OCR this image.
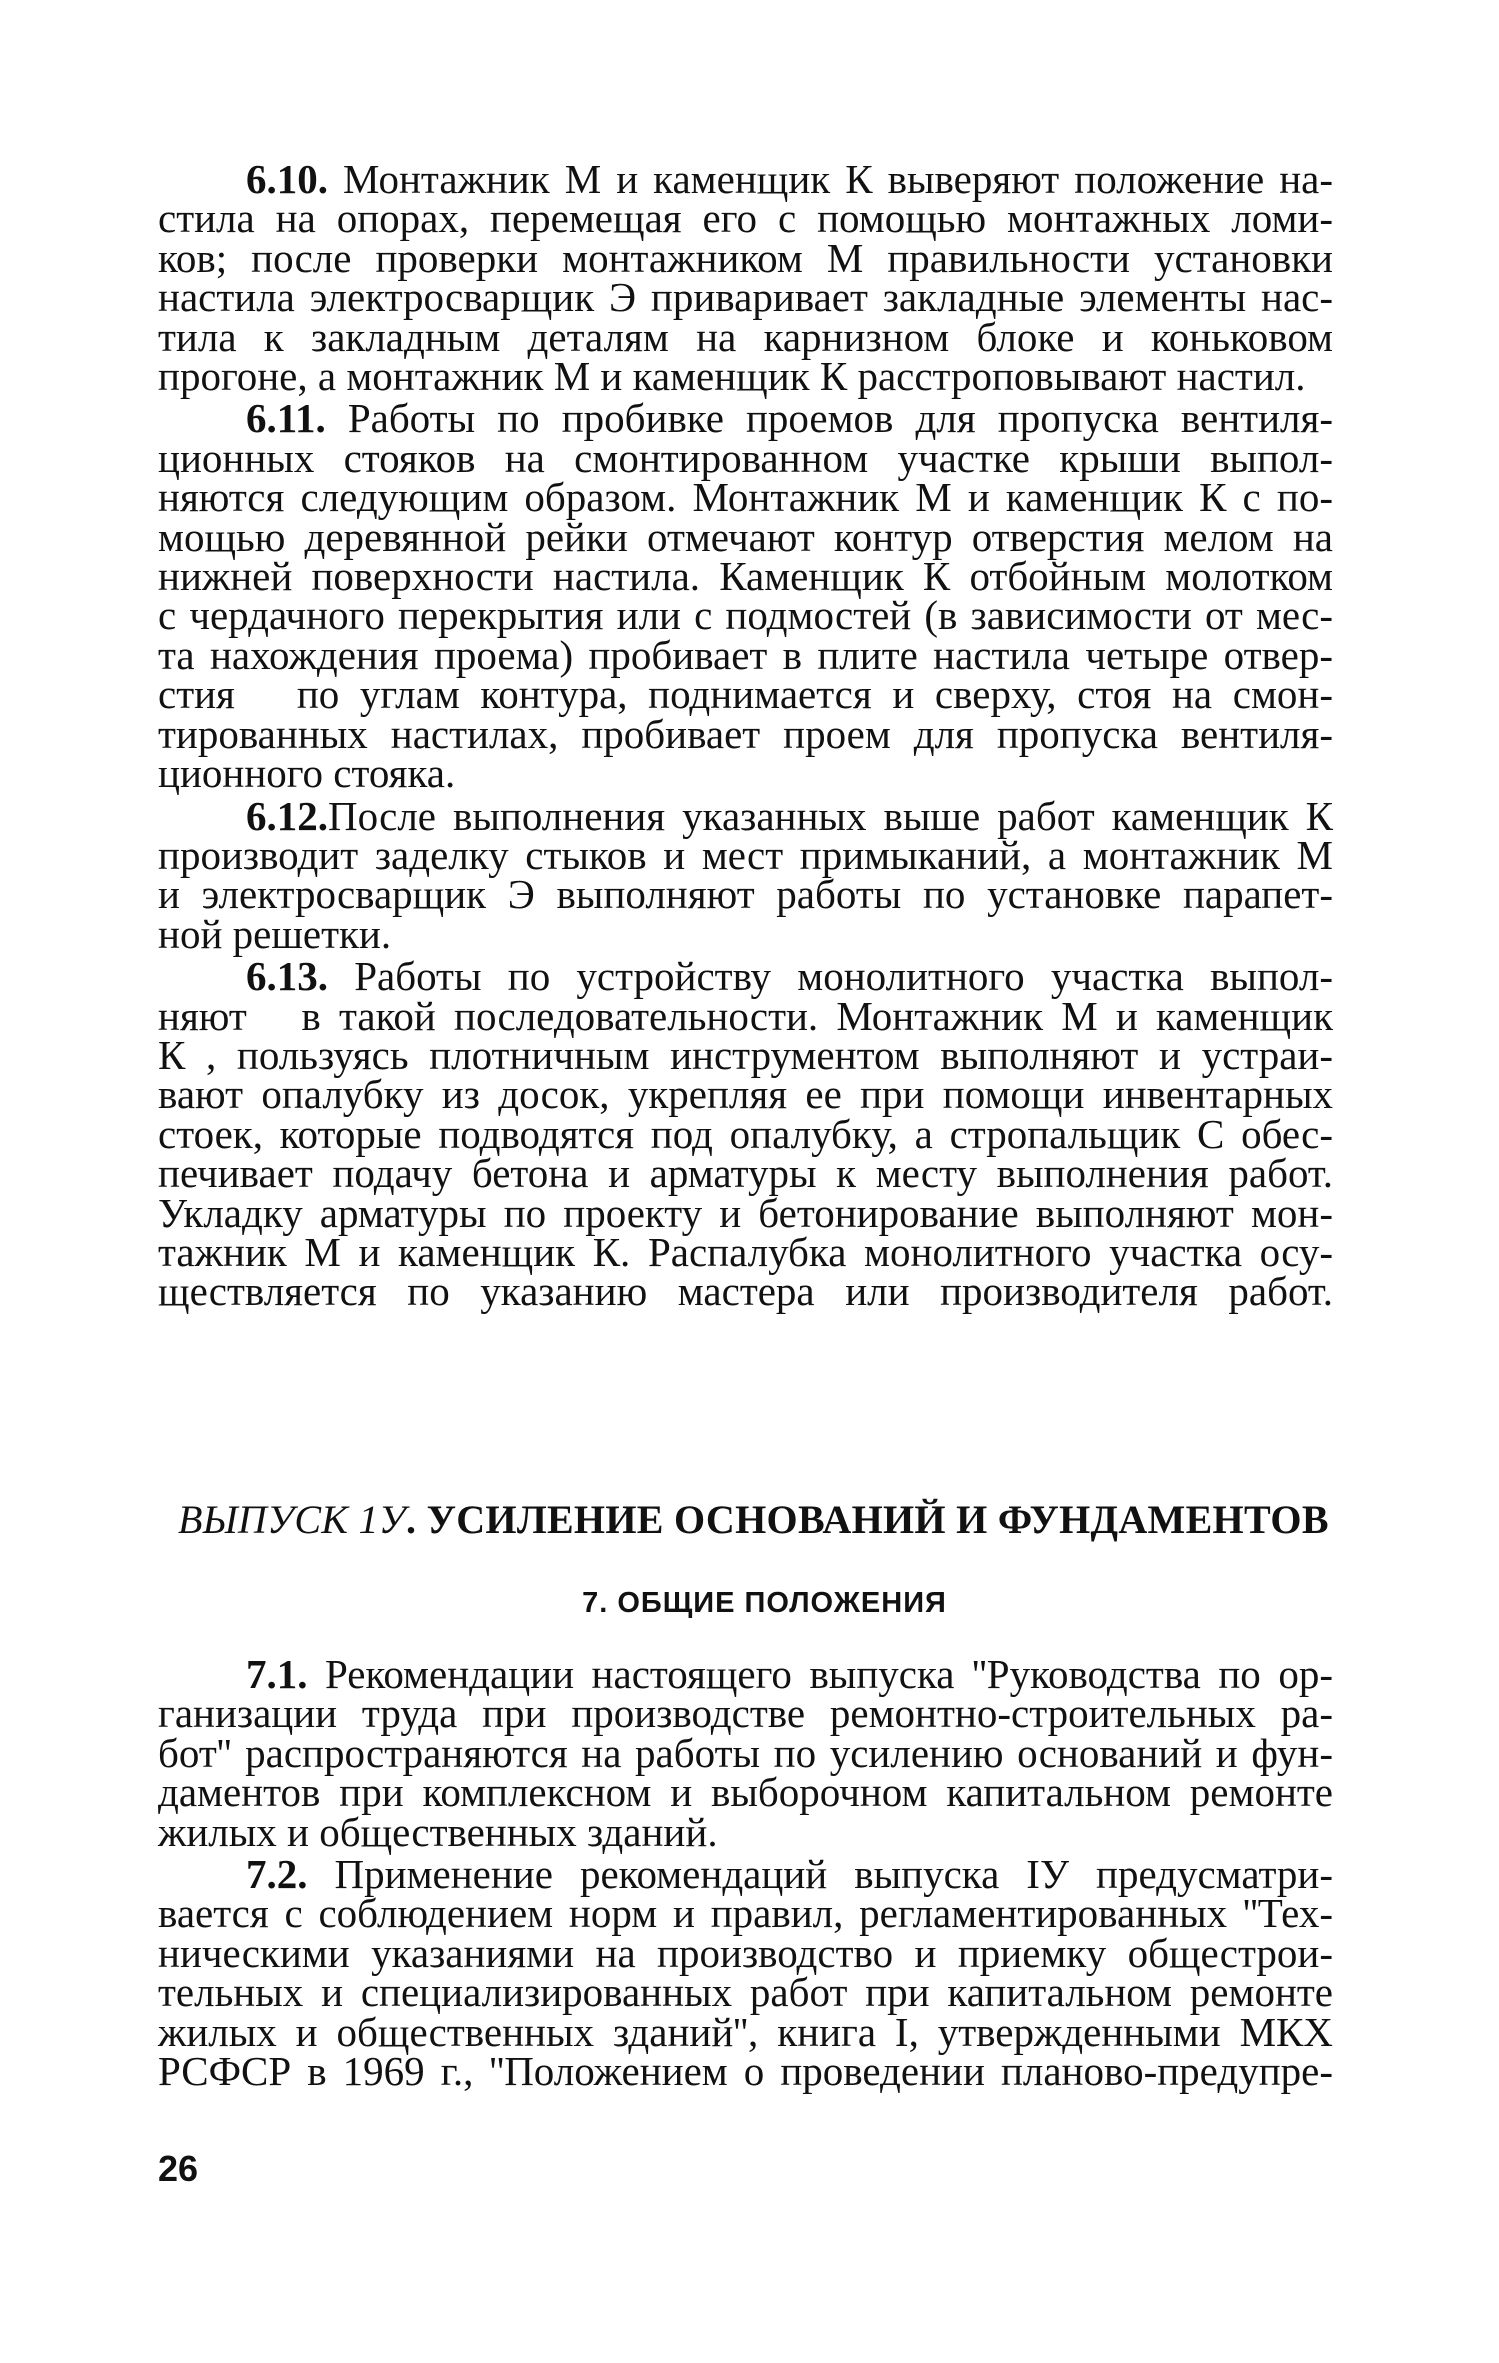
6.10. Монтажник М и каменщик К выверяют положение на-
стила на опорах, перемещая его с помощью монтажных ломи-
ков; после проверки монтажником М правильности установки
настила электросварщик Э приваривает закладные элементы нас-
тила к закладным деталям на карнизном блоке и коньковом
прогоне, а монтажник М и каменщик К расстроповывают настил.
6.11. Работы по пробивке проемов для пропуска вентиля-
ционных стояков на смонтированном участке крыши выпол-
няются следующим образом. Монтажник М и каменщик К с по-
мощью деревянной рейки отмечают контур отверстия мелом на
нижней поверхности настила. Каменщик К отбойным молотком
с чердачного перекрытия или с подмостей (в зависимости от мес-
та нахождения проема) пробивает в плите настила четыре отвер-
стия   по углам контура, поднимается и сверху, стоя на смон-
тированных настилах, пробивает проем для пропуска вентиля-
ционного стояка.
6.12.После выполнения указанных выше работ каменщик К
производит заделку стыков и мест примыканий, а монтажник М
и электросварщик Э выполняют работы по установке парапет-
ной решетки.
6.13. Работы по устройству монолитного участка выпол-
няют   в такой последовательности. Монтажник М и каменщик
К , пользуясь плотничным инструментом выполняют и устраи-
вают опалубку из досок, укрепляя ее при помощи инвентарных
стоек, которые подводятся под опалубку, а стропальщик С обес-
печивает подачу бетона и арматуры к месту выполнения работ.
Укладку арматуры по проекту и бетонирование выполняют мон-
тажник М и каменщик К. Распалубка монолитного участка осу-
ществляется по указанию мастера или производителя работ.
ВЫПУСК 1У. УСИЛЕНИЕ ОСНОВАНИЙ И ФУНДАМЕНТОВ
7. ОБЩИЕ ПОЛОЖЕНИЯ
7.1. Рекомендации настоящего выпуска ''Руководства по ор-
ганизации труда при производстве ремонтно-строительных ра-
бот'' распространяются на работы по усилению оснований и фун-
даментов при комплексном и выборочном капитальном ремонте
жилых и общественных зданий.
7.2. Применение рекомендаций выпуска IУ предусматри-
вается с соблюдением норм и правил, регламентированных ''Тех-
ническими указаниями на производство и приемку общестрои-
тельных и специализированных работ при капитальном ремонте
жилых и общественных зданий'', книга I, утвержденными МКХ
РСФСР в 1969 г., ''Положением о проведении планово-предупре-
26
